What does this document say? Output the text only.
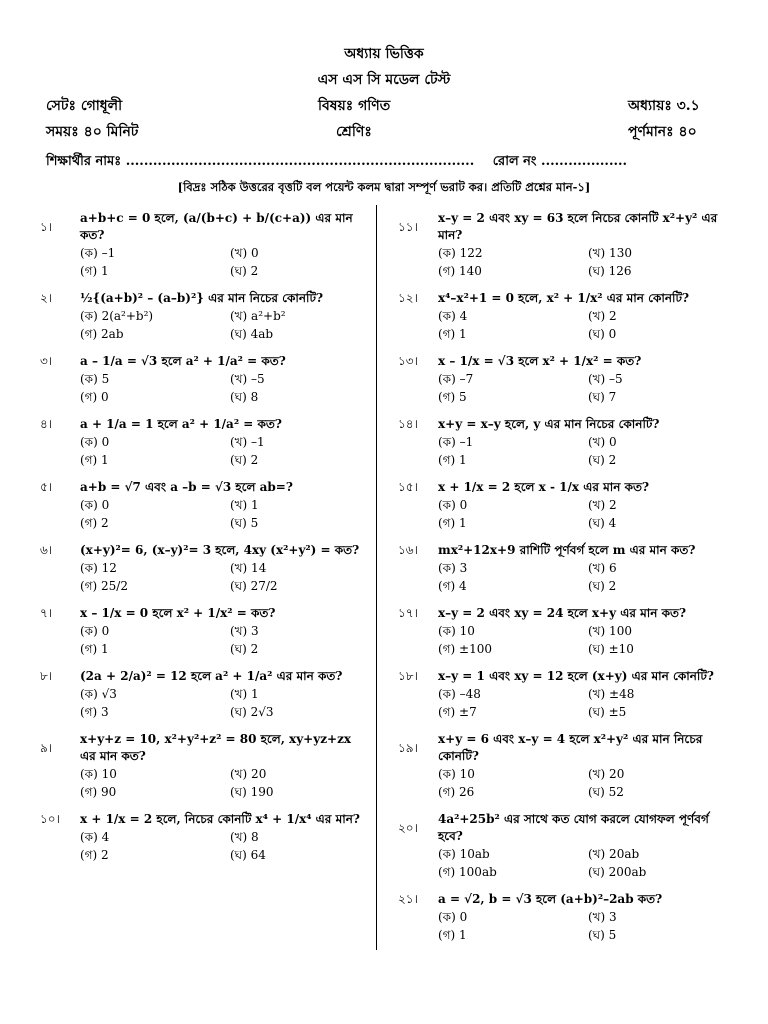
অধ্যায় ভিত্তিক
এস এস সি মডেল টেস্ট
সেটঃ গোধূলী	বিষয়ঃ গণিত	অধ্যায়ঃ ৩.১
সময়ঃ ৪০ মিনিট	শ্রেণিঃ	পূর্ণমানঃ ৪০
শিক্ষার্থীর নামঃ ............................................................................. রোল নং ...................
[বিদ্রঃ সঠিক উত্তরের বৃত্তটি বল পয়েন্ট কলম দ্বারা সম্পূর্ণ ভরাট কর। প্রতিটি প্রশ্নের মান-১]
১।
a+b+c = 0 হলে, (a/(b+c) + b/(c+a)) এর মান কত?
(ক) –1	(খ) 0
(গ) 1	(ঘ) 2
২।	½{(a+b)² – (a–b)²} এর মান নিচের কোনটি?
(ক) 2(a²+b²)	(খ) a²+b²
(গ) 2ab	(ঘ) 4ab
৩।	a – 1/a = √3 হলে a² + 1/a² = কত?
(ক) 5	(খ) –5
(গ) 0	(ঘ) 8
৪।	a + 1/a = 1 হলে a² + 1/a² = কত?
(ক) 0	(খ) –1
(গ) 1	(ঘ) 2
৫।	a+b = √7 এবং a –b = √3 হলে ab=?
(ক) 0	(খ) 1
(গ) 2	(ঘ) 5
৬।	(x+y)²= 6, (x–y)²= 3 হলে, 4xy (x²+y²) = কত?
(ক) 12	(খ) 14
(গ) 25/2	(ঘ) 27/2
৭।	x – 1/x = 0 হলে x² + 1/x² = কত?
(ক) 0	(খ) 3
(গ) 1	(ঘ) 2
৮।	(2a + 2/a)² = 12 হলে a² + 1/a² এর মান কত?
(ক) √3	(খ) 1
(গ) 3	(ঘ) 2√3
৯।
x+y+z = 10, x²+y²+z² = 80 হলে, xy+yz+zx এর মান কত?
(ক) 10	(খ) 20
(গ) 90	(ঘ) 190
১০।	x + 1/x = 2 হলে, নিচের কোনটি x⁴ + 1/x⁴ এর মান?
(ক) 4	(খ) 8
(গ) 2	(ঘ) 64
১১।
x–y = 2 এবং xy = 63 হলে নিচের কোনটি x²+y² এর মান?
(ক) 122	(খ) 130
(গ) 140	(ঘ) 126
১২।	x⁴–x²+1 = 0 হলে, x² + 1/x² এর মান কোনটি?
(ক) 4	(খ) 2
(গ) 1	(ঘ) 0
১৩।	x – 1/x = √3 হলে x² + 1/x² = কত?
(ক) –7	(খ) –5
(গ) 5	(ঘ) 7
১৪।	x+y = x–y হলে, y এর মান নিচের কোনটি?
(ক) –1	(খ) 0
(গ) 1	(ঘ) 2
১৫।	x + 1/x = 2 হলে x - 1/x এর মান কত?
(ক) 0	(খ) 2
(গ) 1	(ঘ) 4
১৬।	mx²+12x+9 রাশিটি পূর্ণবর্গ হলে m এর মান কত?
(ক) 3	(খ) 6
(গ) 4	(ঘ) 2
১৭।	x–y = 2 এবং xy = 24 হলে x+y এর মান কত?
(ক) 10	(খ) 100
(গ) ±100	(ঘ) ±10
১৮।	x–y = 1 এবং xy = 12 হলে (x+y) এর মান কোনটি?
(ক) –48	(খ) ±48
(গ) ±7	(ঘ) ±5
১৯।
x+y = 6 এবং x–y = 4 হলে x²+y² এর মান নিচের কোনটি?
(ক) 10	(খ) 20
(গ) 26	(ঘ) 52
২০।
4a²+25b² এর সাথে কত যোগ করলে যোগফল পূর্ণবর্গ হবে?
(ক) 10ab	(খ) 20ab
(গ) 100ab	(ঘ) 200ab
২১।	a = √2, b = √3 হলে (a+b)²–2ab কত?
(ক) 0	(খ) 3
(গ) 1	(ঘ) 5
